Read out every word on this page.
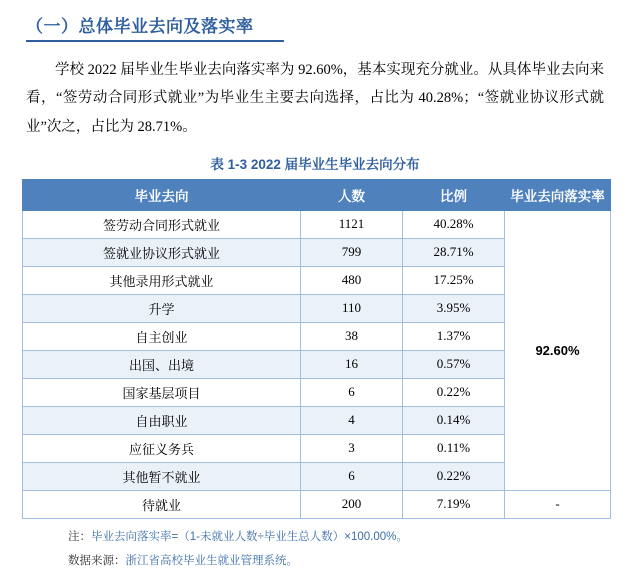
（一）总体毕业去向及落实率

学校 2022 届毕业生毕业去向落实率为 92.60%，基本实现充分就业。从具体毕业去向来看，“签劳动合同形式就业”为毕业生主要去向选择，占比为 40.28%；“签就业协议形式就业”次之，占比为 28.71%。

表 1-3 2022 届毕业生毕业去向分布
毕业去向	人数	比例	毕业去向落实率
签劳动合同形式就业	1121	40.28%	92.60%
签就业协议形式就业	799	28.71%	
其他录用形式就业	480	17.25%	
升学	110	3.95%	
自主创业	38	1.37%	
出国、出境	16	0.57%	
国家基层项目	6	0.22%	
自由职业	4	0.14%	
应征义务兵	3	0.11%	
其他暂不就业	6	0.22%	
待就业	200	7.19%	-
注：毕业去向落实率=（1-未就业人数÷毕业生总人数）×100.00%。
数据来源：浙江省高校毕业生就业管理系统。
